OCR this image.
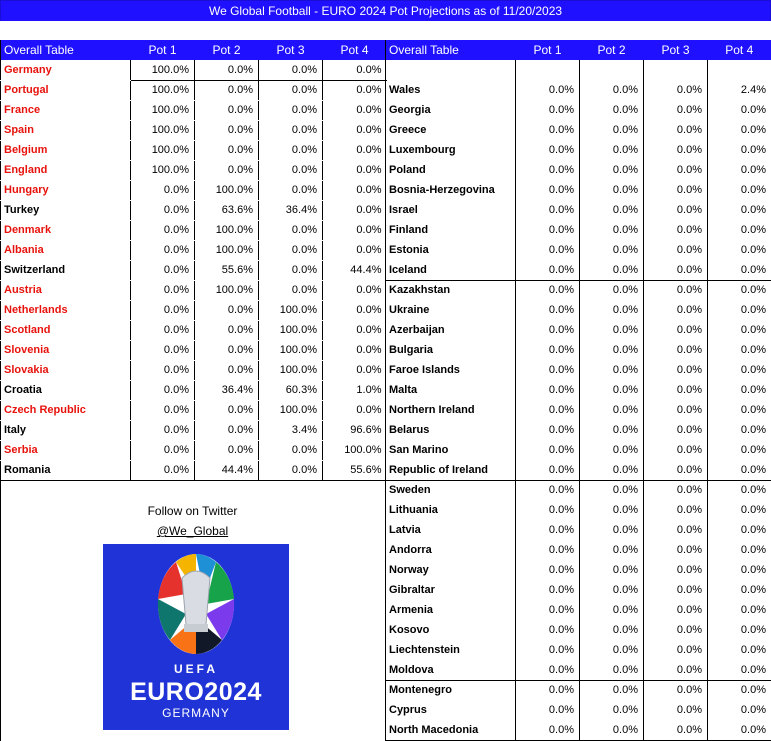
We Global Football - EURO 2024 Pot Projections as of 11/20/2023
Overall Table	Pot 1	Pot 2	Pot 3	Pot 4
Germany	100.0%	0.0%	0.0%	0.0%
Portugal	100.0%	0.0%	0.0%	0.0%
France	100.0%	0.0%	0.0%	0.0%
Spain	100.0%	0.0%	0.0%	0.0%
Belgium	100.0%	0.0%	0.0%	0.0%
England	100.0%	0.0%	0.0%	0.0%
Hungary	0.0%	100.0%	0.0%	0.0%
Turkey	0.0%	63.6%	36.4%	0.0%
Denmark	0.0%	100.0%	0.0%	0.0%
Albania	0.0%	100.0%	0.0%	0.0%
Switzerland	0.0%	55.6%	0.0%	44.4%
Austria	0.0%	100.0%	0.0%	0.0%
Netherlands	0.0%	0.0%	100.0%	0.0%
Scotland	0.0%	0.0%	100.0%	0.0%
Slovenia	0.0%	0.0%	100.0%	0.0%
Slovakia	0.0%	0.0%	100.0%	0.0%
Croatia	0.0%	36.4%	60.3%	1.0%
Czech Republic	0.0%	0.0%	100.0%	0.0%
Italy	0.0%	0.0%	3.4%	96.6%
Serbia	0.0%	0.0%	0.0%	100.0%
Romania	0.0%	44.4%	0.0%	55.6%
Overall Table	Pot 1	Pot 2	Pot 3	Pot 4

Wales	0.0%	0.0%	0.0%	2.4%
Georgia	0.0%	0.0%	0.0%	0.0%
Greece	0.0%	0.0%	0.0%	0.0%
Luxembourg	0.0%	0.0%	0.0%	0.0%
Poland	0.0%	0.0%	0.0%	0.0%
Bosnia-Herzegovina	0.0%	0.0%	0.0%	0.0%
Israel	0.0%	0.0%	0.0%	0.0%
Finland	0.0%	0.0%	0.0%	0.0%
Estonia	0.0%	0.0%	0.0%	0.0%
Iceland	0.0%	0.0%	0.0%	0.0%
Kazakhstan	0.0%	0.0%	0.0%	0.0%
Ukraine	0.0%	0.0%	0.0%	0.0%
Azerbaijan	0.0%	0.0%	0.0%	0.0%
Bulgaria	0.0%	0.0%	0.0%	0.0%
Faroe Islands	0.0%	0.0%	0.0%	0.0%
Malta	0.0%	0.0%	0.0%	0.0%
Northern Ireland	0.0%	0.0%	0.0%	0.0%
Belarus	0.0%	0.0%	0.0%	0.0%
San Marino	0.0%	0.0%	0.0%	0.0%
Republic of Ireland	0.0%	0.0%	0.0%	0.0%
Sweden	0.0%	0.0%	0.0%	0.0%
Lithuania	0.0%	0.0%	0.0%	0.0%
Latvia	0.0%	0.0%	0.0%	0.0%
Andorra	0.0%	0.0%	0.0%	0.0%
Norway	0.0%	0.0%	0.0%	0.0%
Gibraltar	0.0%	0.0%	0.0%	0.0%
Armenia	0.0%	0.0%	0.0%	0.0%
Kosovo	0.0%	0.0%	0.0%	0.0%
Liechtenstein	0.0%	0.0%	0.0%	0.0%
Moldova	0.0%	0.0%	0.0%	0.0%
Montenegro	0.0%	0.0%	0.0%	0.0%
Cyprus	0.0%	0.0%	0.0%	0.0%
North Macedonia	0.0%	0.0%	0.0%	0.0%
Follow on Twitter
@We_Global
UEFA
EURO2024
GERMANY
